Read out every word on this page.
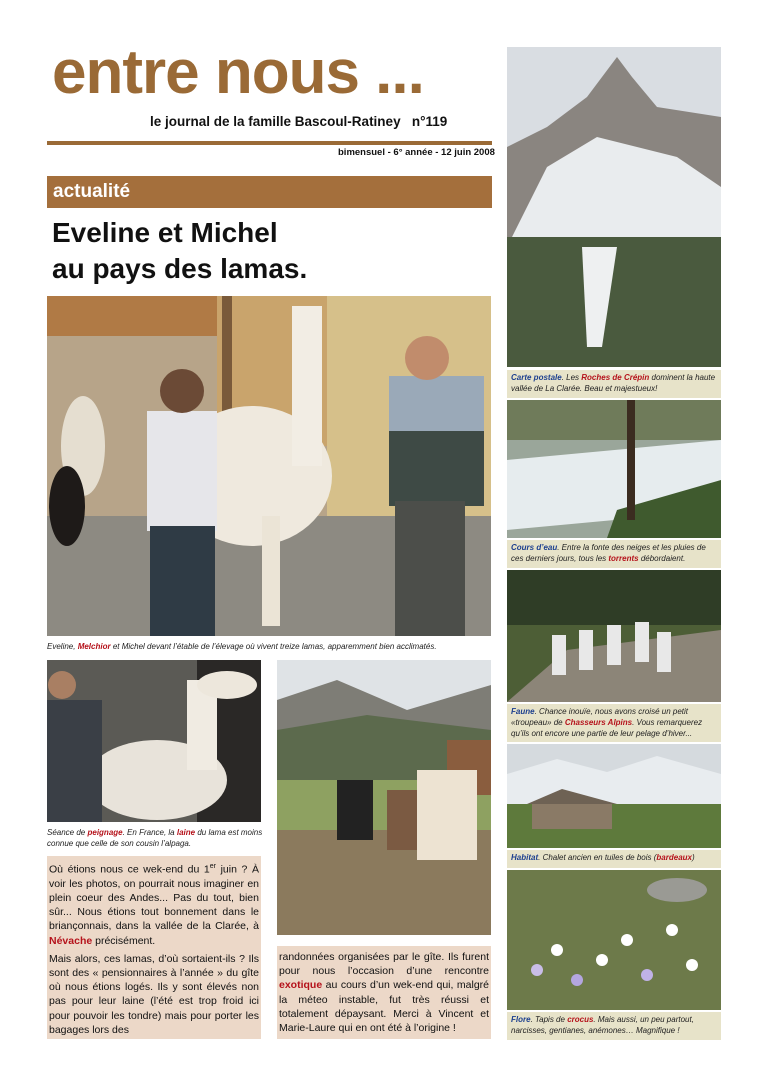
entre nous ...
le journal de la famille Bascoul-Ratiney   n°119
bimensuel - 6° année - 12 juin 2008
actualité
Eveline et Michel
au pays des lamas.
Eveline, Melchior et Michel devant l’étable de l’élevage où vivent treize lamas, apparemment bien acclimatés.
Séance de peignage. En France, la laine du lama est moins connue que celle de son cousin l’alpaga.

Où étions nous ce wek-end du 1er juin ? À voir les photos, on pourrait nous imaginer en plein coeur des Andes... Pas du tout, bien sûr... Nous étions tout bonnement dans le briançonnais, dans la vallée de la Clarée, à Névache précisément.

Mais alors, ces lamas, d’où sortaient-ils ? Ils sont des « pensionnaires à l’année » du gîte où nous étions logés. Ils y sont élevés non pas pour leur laine (l’été est trop froid ici pour pouvoir les tondre) mais pour porter les bagages lors des

randonnées organisées par le gîte. Ils furent pour nous l’occasion d’une rencontre exotique au cours d’un wek-end qui, malgré la méteo instable, fut très réussi et totalement dépaysant. Merci à Vincent et Marie-Laure qui en ont été à l’origine !

Carte postale. Les Roches de Crépin dominent la haute vallée de La Clarée. Beau et majestueux!
Cours d’eau. Entre la fonte des neiges et les pluies de ces derniers jours, tous les torrents débordaient.
Faune. Chance inouïe, nous avons croisé un petit «troupeau» de Chasseurs Alpins. Vous remarquerez qu’ils ont encore une partie de leur pelage d’hiver...
Habitat. Chalet ancien en tuiles de bois (bardeaux)
Flore. Tapis de crocus. Mais aussi, un peu partout, narcisses, gentianes, anémones… Magnifique !
